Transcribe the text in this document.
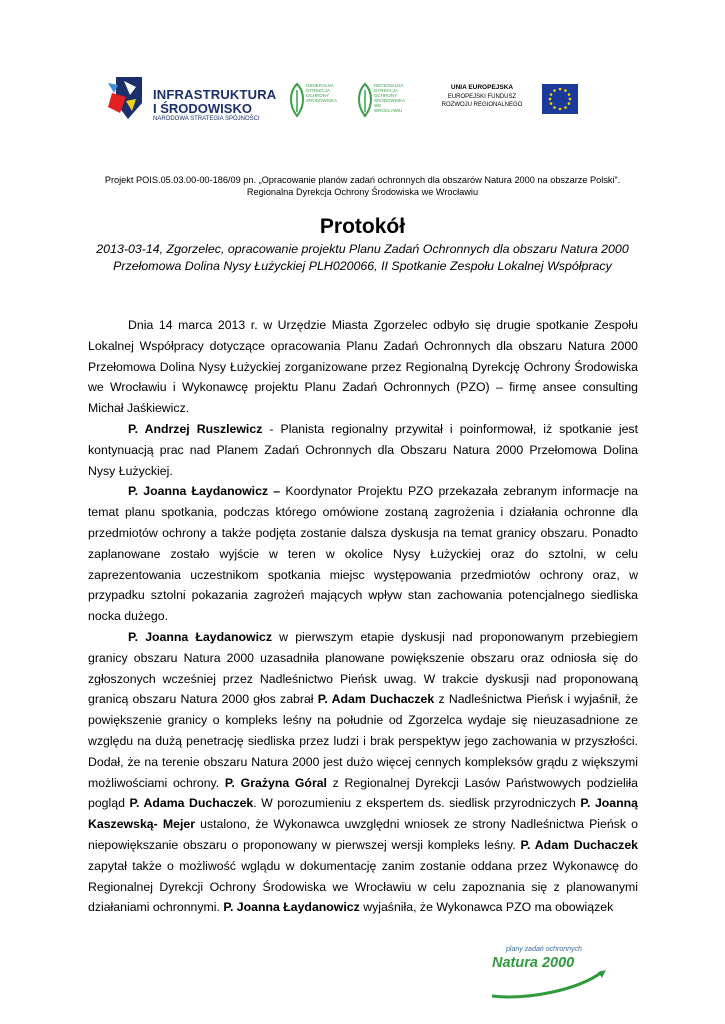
INFRASTRUKTURA
I ŚRODOWISKO
NARODOWA STRATEGIA SPÓJNOŚCI
GENERALNA DYREKCJA OCHRONY ŚRODOWISKA
REGIONALNA DYREKCJA OCHRONY ŚRODOWISKA WE WROCŁAWIU
UNIA EUROPEJSKA
EUROPEJSKI FUNDUSZ
ROZWOJU REGIONALNEGO
Projekt POIS.05.03.00-00-186/09 pn. „Opracowanie planów zadań ochronnych dla obszarów Natura 2000 na obszarze Polski”.
Regionalna Dyrekcja Ochrony Środowiska we Wrocławiu
Protokół
2013-03-14, Zgorzelec, opracowanie projektu Planu Zadań Ochronnych dla obszaru Natura 2000
Przełomowa Dolina Nysy Łużyckiej PLH020066, II Spotkanie Zespołu Lokalnej Współpracy

Dnia 14 marca 2013 r. w Urzędzie Miasta Zgorzelec odbyło się drugie spotkanie Zespołu Lokalnej Współpracy dotyczące opracowania Planu Zadań Ochronnych dla obszaru Natura 2000 Przełomowa Dolina Nysy Łużyckiej zorganizowane przez Regionalną Dyrekcję Ochrony Środowiska we Wrocławiu i Wykonawcę projektu Planu Zadań Ochronnych (PZO) – firmę ansee consulting Michał Jaśkiewicz.

P. Andrzej Ruszlewicz - Planista regionalny przywitał i poinformował, iż spotkanie jest kontynuacją prac nad Planem Zadań Ochronnych dla Obszaru Natura 2000 Przełomowa Dolina Nysy Łużyckiej.

P. Joanna Łaydanowicz – Koordynator Projektu PZO przekazała zebranym informacje na temat planu spotkania, podczas którego omówione zostaną zagrożenia i działania ochronne dla przedmiotów ochrony a także podjęta zostanie dalsza dyskusja na temat granicy obszaru. Ponadto zaplanowane zostało wyjście w teren w okolice Nysy Łużyckiej oraz do sztolni, w celu zaprezentowania uczestnikom spotkania miejsc występowania przedmiotów ochrony oraz, w przypadku sztolni pokazania zagrożeń mających wpływ stan zachowania potencjalnego siedliska nocka dużego.

P. Joanna Łaydanowicz w pierwszym etapie dyskusji nad proponowanym przebiegiem granicy obszaru Natura 2000 uzasadniła planowane powiększenie obszaru oraz odniosła się do zgłoszonych wcześniej przez Nadleśnictwo Pieńsk uwag. W trakcie dyskusji nad proponowaną granicą obszaru Natura 2000 głos zabrał P. Adam Duchaczek z Nadleśnictwa Pieńsk i wyjaśnił, że powiększenie granicy o kompleks leśny na południe od Zgorzelca wydaje się nieuzasadnione ze względu na dużą penetrację siedliska przez ludzi i brak perspektyw jego zachowania w przyszłości. Dodał, że na terenie obszaru Natura 2000 jest dużo więcej cennych kompleksów grądu z większymi możliwościami ochrony. P. Grażyna Góral z Regionalnej Dyrekcji Lasów Państwowych podzieliła pogląd P. Adama Duchaczek. W porozumieniu z ekspertem ds. siedlisk przyrodniczych P. Joanną Kaszewską- Mejer ustalono, że Wykonawca uwzględni wniosek ze strony Nadleśnictwa Pieńsk o niepowiększanie obszaru o proponowany w pierwszej wersji kompleks leśny. P. Adam Duchaczek zapytał także o możliwość wglądu w dokumentację zanim zostanie oddana przez Wykonawcę do Regionalnej Dyrekcji Ochrony Środowiska we Wrocławiu w celu zapoznania się z planowanymi działaniami ochronnymi. P. Joanna Łaydanowicz wyjaśniła, że Wykonawca PZO ma obowiązek

plany zadań ochronnych
Natura 2000
